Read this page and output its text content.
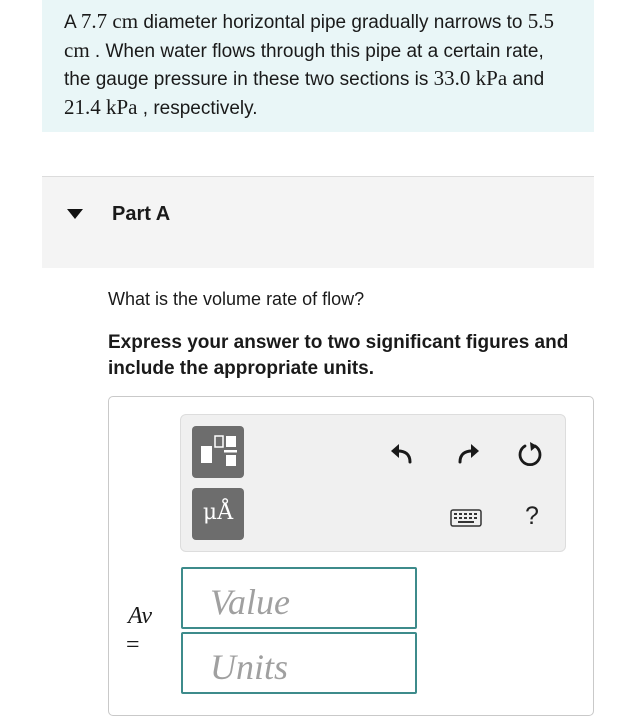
A 7.7 cm diameter horizontal pipe gradually narrows to 5.5 cm . When water flows through this pipe at a certain rate, the gauge pressure in these two sections is 33.0 kPa and 21.4 kPa , respectively.
Part A
What is the volume rate of flow?
Express your answer to two significant figures and include the appropriate units.
μÅ	?
Av
=
Value
Units
